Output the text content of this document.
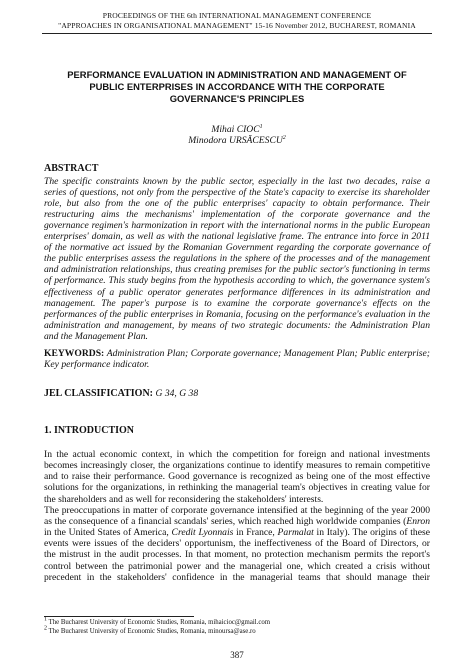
PROCEEDINGS OF THE 6th INTERNATIONAL MANAGEMENT CONFERENCE
"APPROACHES IN ORGANISATIONAL MANAGEMENT" 15-16 November 2012, BUCHAREST, ROMANIA
PERFORMANCE EVALUATION IN ADMINISTRATION AND MANAGEMENT OF
PUBLIC ENTERPRISES IN ACCORDANCE WITH THE CORPORATE
GOVERNANCE'S PRINCIPLES
Mihai CIOC$^1$
Minodora URSĂCESCU$^2$
ABSTRACT
The specific constraints known by the public sector, especially in the last two decades, raise a
series of questions, not only from the perspective of the State's capacity to exercise its shareholder
role, but also from the one of the public enterprises' capacity to obtain performance. Their
restructuring aims the mechanisms' implementation of the corporate governance and the
governance regimen's harmonization in report with the international norms in the public European
enterprises' domain, as well as with the national legislative frame. The entrance into force in 2011
of the normative act issued by the Romanian Government regarding the corporate governance of
the public enterprises assess the regulations in the sphere of the processes and of the management
and administration relationships, thus creating premises for the public sector's functioning in terms
of performance. This study begins from the hypothesis according to which, the governance system's
effectiveness of a public operator generates performance differences in its administration and
management. The paper's purpose is to examine the corporate governance's effects on the
performances of the public enterprises in Romania, focusing on the performance's evaluation in the
administration and management, by means of two strategic documents: the Administration Plan
and the Management Plan.
KEYWORDS: Administration Plan; Corporate governance; Management Plan; Public enterprise;
Key performance indicator.
JEL CLASSIFICATION: G 34, G 38
1. INTRODUCTION
In the actual economic context, in which the competition for foreign and national investments
becomes increasingly closer, the organizations continue to identify measures to remain competitive
and to raise their performance. Good governance is recognized as being one of the most effective
solutions for the organizations, in rethinking the managerial team's objectives in creating value for
the shareholders and as well for reconsidering the stakeholders' interests.
The preoccupations in matter of corporate governance intensified at the beginning of the year 2000
as the consequence of a financial scandals' series, which reached high worldwide companies (Enron
in the United States of America, Credit Lyonnais in France, Parmalat in Italy). The origins of these
events were issues of the deciders' opportunism, the ineffectiveness of the Board of Directors, or
the mistrust in the audit processes. In that moment, no protection mechanism permits the report's
control between the patrimonial power and the managerial one, which created a crisis without
precedent in the stakeholders' confidence in the managerial teams that should manage their
$^1$ The Bucharest University of Economic Studies, Romania, mihaicioc@gmail.com
$^2$ The Bucharest University of Economic Studies, Romania, minoursa@ase.ro
387
